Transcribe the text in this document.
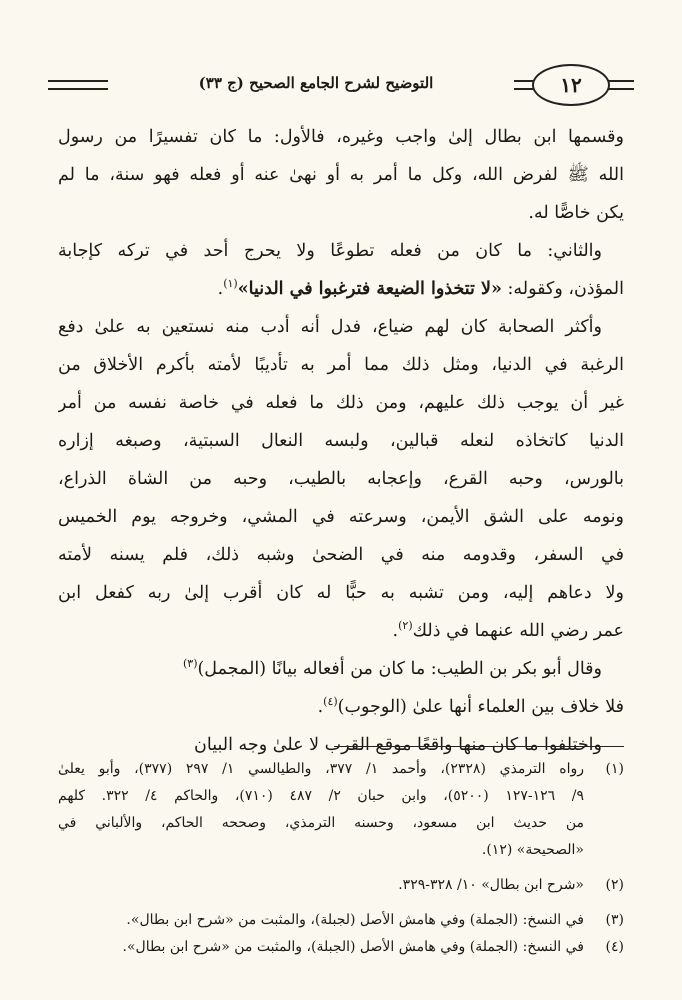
التوضيح لشرح الجامع الصحيح (ج ٣٣)	١٢
وقسمها ابن بطال إلىٰ واجب وغيره، فالأول: ما كان تفسيرًا من رسول
الله ﷺ لفرض الله، وكل ما أمر به أو نهىٰ عنه أو فعله فهو سنة، ما لم
يكن خاصًّا له.
والثاني: ما كان من فعله تطوعًا ولا يحرج أحد في تركه كإجابة
المؤذن، وكقوله: «لا تتخذوا الضيعة فترغبوا في الدنيا»$^{(١)}$.
وأكثر الصحابة كان لهم ضياع، فدل أنه أدب منه نستعين به علىٰ دفع
الرغبة في الدنيا، ومثل ذلك مما أمر به تأديبًا لأمته بأكرم الأخلاق من
غير أن يوجب ذلك عليهم، ومن ذلك ما فعله في خاصة نفسه من أمر
الدنيا كاتخاذه لنعله قبالين، ولبسه النعال السبتية، وصبغه إزاره
بالورس، وحبه القرع، وإعجابه بالطيب، وحبه من الشاة الذراع،
ونومه على الشق الأيمن، وسرعته في المشي، وخروجه يوم الخميس
في السفر، وقدومه منه في الضحىٰ وشبه ذلك، فلم يسنه لأمته
ولا دعاهم إليه، ومن تشبه به حبًّا له كان أقرب إلىٰ ربه كفعل ابن
عمر رضي الله عنهما في ذلك$^{(٢)}$.
وقال أبو بكر بن الطيب: ما كان من أفعاله بيانًا (المجمل)$^{(٣)}$
فلا خلاف بين العلماء أنها علىٰ (الوجوب)$^{(٤)}$.
واختلفوا ما كان منها واقعًا موقع القرب لا علىٰ وجه البيان
(١)
رواه الترمذي (٢٣٢٨)، وأحمد ١/ ٣٧٧، والطيالسي ١/ ٢٩٧ (٣٧٧)، وأبو يعلىٰ
٩/ ١٢٦-١٢٧ (٥٢٠٠)، وابن حبان ٢/ ٤٨٧ (٧١٠)، والحاكم ٤/ ٣٢٢. كلهم
من حديث ابن مسعود، وحسنه الترمذي، وصححه الحاكم، والألباني في
«الصحيحة» (١٢).
(٢)
«شرح ابن بطال» ١٠/ ٣٢٨-٣٢٩.
(٣)
في النسخ: (الجملة) وفي هامش الأصل (لجبلة)، والمثبت من «شرح ابن بطال».
(٤)
في النسخ: (الجملة) وفي هامش الأصل (الجبلة)، والمثبت من «شرح ابن بطال».
